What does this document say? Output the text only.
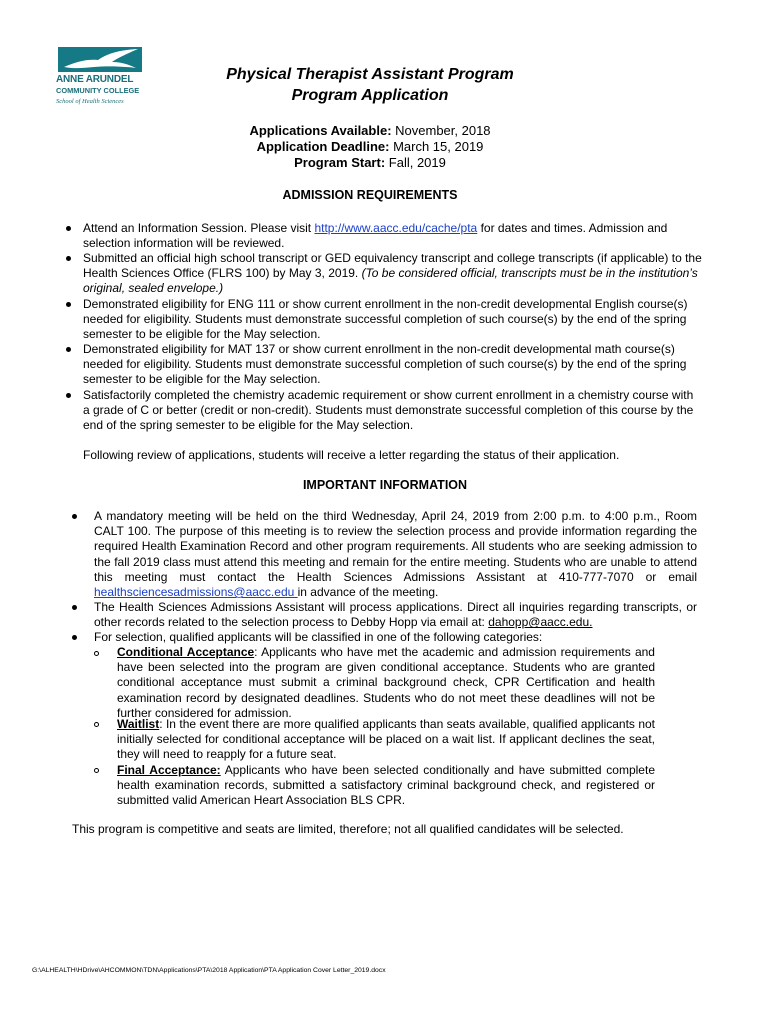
ANNE ARUNDEL
COMMUNITY COLLEGE
School of Health Sciences
Physical Therapist Assistant Program
Program Application
Applications Available: November, 2018
Application Deadline: March 15, 2019
Program Start: Fall, 2019
ADMISSION REQUIREMENTS
Attend an Information Session. Please visit http://www.aacc.edu/cache/pta for dates and times. Admission and selection information will be reviewed.
Submitted an official high school transcript or GED equivalency transcript and college transcripts (if applicable) to the Health Sciences Office (FLRS 100) by May 3, 2019. (To be considered official, transcripts must be in the institution’s original, sealed envelope.)
Demonstrated eligibility for ENG 111 or show current enrollment in the non-credit developmental English course(s) needed for eligibility. Students must demonstrate successful completion of such course(s) by the end of the spring semester to be eligible for the May selection.
Demonstrated eligibility for MAT 137 or show current enrollment in the non-credit developmental math course(s) needed for eligibility. Students must demonstrate successful completion of such course(s) by the end of the spring semester to be eligible for the May selection.
Satisfactorily completed the chemistry academic requirement or show current enrollment in a chemistry course with a grade of C or better (credit or non-credit). Students must demonstrate successful completion of this course by the end of the spring semester to be eligible for the May selection.
Following review of applications, students will receive a letter regarding the status of their application.
IMPORTANT INFORMATION
A mandatory meeting will be held on the third Wednesday, April 24, 2019 from 2:00 p.m. to 4:00 p.m., Room CALT 100. The purpose of this meeting is to review the selection process and provide information regarding the required Health Examination Record and other program requirements. All students who are seeking admission to the fall 2019 class must attend this meeting and remain for the entire meeting. Students who are unable to attend this meeting must contact the Health Sciences Admissions Assistant at 410-777-7070 or email healthsciencesadmissions@aacc.edu in advance of the meeting.
The Health Sciences Admissions Assistant will process applications. Direct all inquiries regarding transcripts, or other records related to the selection process to Debby Hopp via email at: dahopp@aacc.edu.
For selection, qualified applicants will be classified in one of the following categories:
Conditional Acceptance: Applicants who have met the academic and admission requirements and have been selected into the program are given conditional acceptance. Students who are granted conditional acceptance must submit a criminal background check, CPR Certification and health examination record by designated deadlines. Students who do not meet these deadlines will not be further considered for admission.
Waitlist: In the event there are more qualified applicants than seats available, qualified applicants not initially selected for conditional acceptance will be placed on a wait list. If applicant declines the seat, they will need to reapply for a future seat.
Final Acceptance: Applicants who have been selected conditionally and have submitted complete health examination records, submitted a satisfactory criminal background check, and registered or submitted valid American Heart Association BLS CPR.
This program is competitive and seats are limited, therefore; not all qualified candidates will be selected.
G:\ALHEALTH\HDrive\AHCOMMON\TDN\Applications\PTA\2018 Application\PTA Application Cover Letter_2019.docx
